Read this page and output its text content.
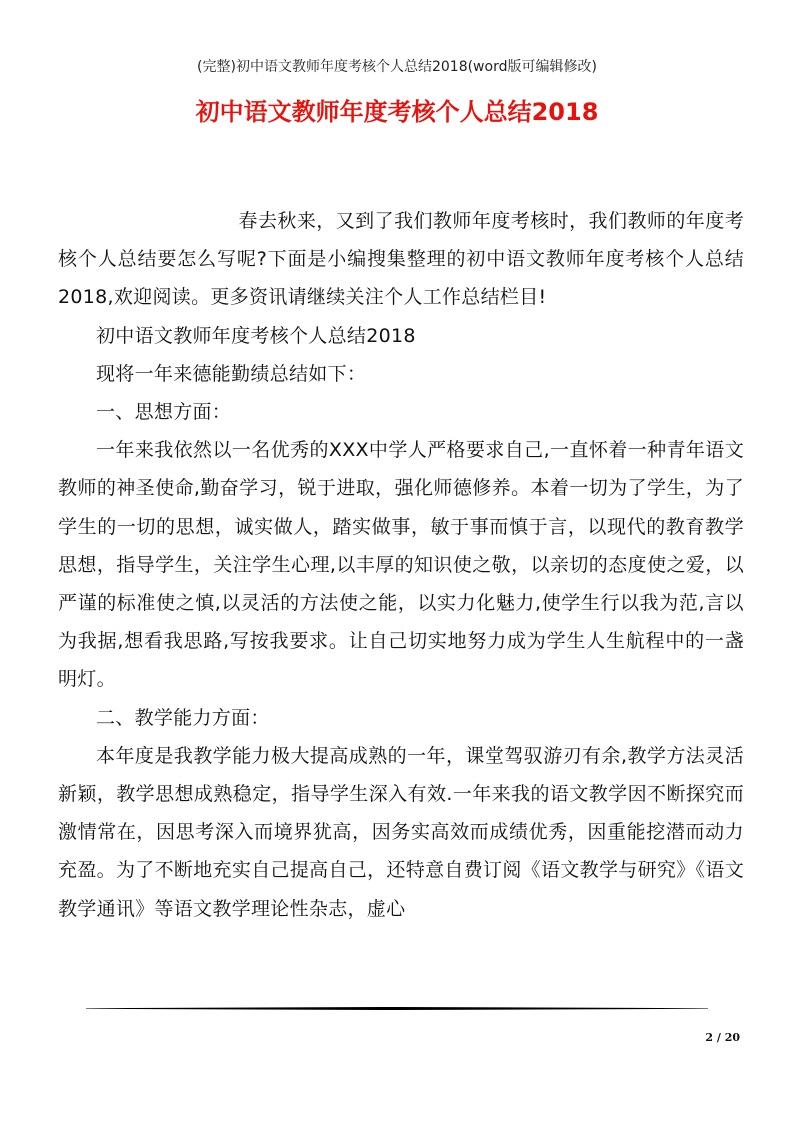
(完整)初中语文教师年度考核个人总结2018(word版可编辑修改)
初中语文教师年度考核个人总结2018

春去秋来，又到了我们教师年度考核时，我们教师的年度考核个人总结要怎么写呢?下面是小编搜集整理的初中语文教师年度考核个人总结2018,欢迎阅读。更多资讯请继续关注个人工作总结栏目!

初中语文教师年度考核个人总结2018

现将一年来德能勤绩总结如下：

一、思想方面：

一年来我依然以一名优秀的XXX中学人严格要求自己,一直怀着一种青年语文教师的神圣使命,勤奋学习，锐于进取，强化师德修养。本着一切为了学生，为了学生的一切的思想，诚实做人，踏实做事，敏于事而慎于言，以现代的教育教学思想，指导学生，关注学生心理,以丰厚的知识使之敬，以亲切的态度使之爱，以严谨的标准使之慎,以灵活的方法使之能，以实力化魅力,使学生行以我为范,言以为我据,想看我思路,写按我要求。让自己切实地努力成为学生人生航程中的一盏明灯。

二、教学能力方面：

本年度是我教学能力极大提高成熟的一年，课堂驾驭游刃有余,教学方法灵活新颖，教学思想成熟稳定，指导学生深入有效.一年来我的语文教学因不断探究而激情常在，因思考深入而境界犹高，因务实高效而成绩优秀，因重能挖潜而动力充盈。为了不断地充实自己提高自己，还特意自费订阅《语文教学与研究》《语文教学通讯》等语文教学理论性杂志，虚心

2 / 20
